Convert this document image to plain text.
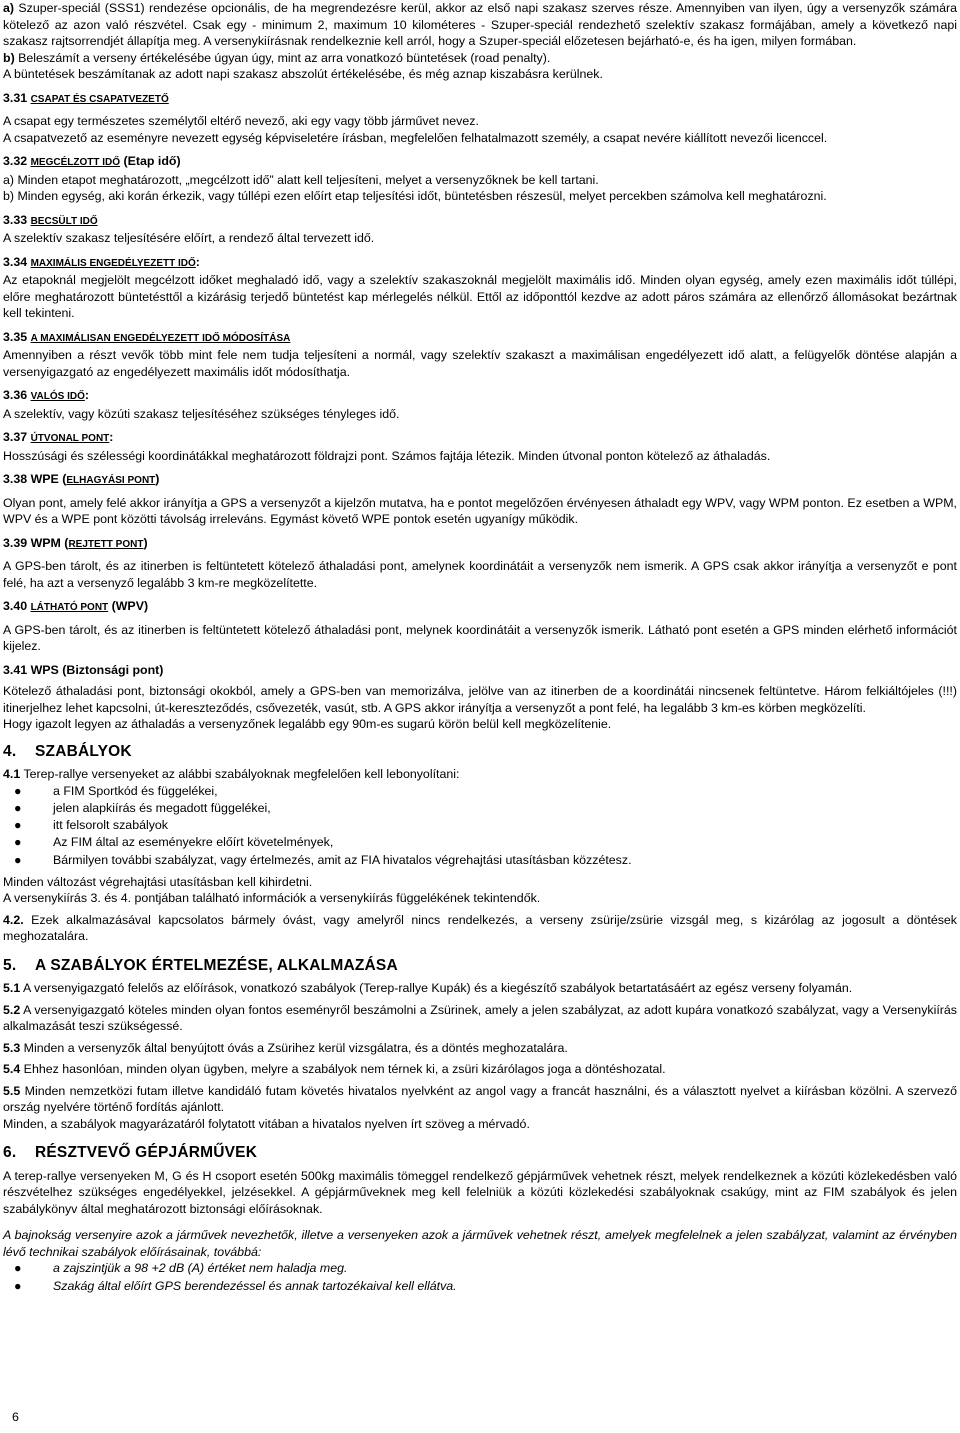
a) Szuper-speciál (SSS1) rendezése opcionális, de ha megrendezésre kerül, akkor az első napi szakasz szerves része. Amennyiben van ilyen, úgy a versenyzők számára kötelező az azon való részvétel. Csak egy - minimum 2, maximum 10 kilométeres - Szuper-speciál rendezhető szelektív szakasz formájában, amely a következő napi szakasz rajtsorrendjét állapítja meg. A versenykiírásnak rendelkeznie kell arról, hogy a Szuper-speciál előzetesen bejárható-e, és ha igen, milyen formában.

b) Beleszámít a verseny értékelésébe úgyan úgy, mint az arra vonatkozó büntetések (road penalty).

A büntetések beszámítanak az adott napi szakasz abszolút értékelésébe, és még aznap kiszabásra kerülnek.

3.31 CSAPAT ÉS CSAPATVEZETŐ

A csapat egy természetes személytől eltérő nevező, aki egy vagy több járművet nevez.

A csapatvezető az eseményre nevezett egység képviseletére írásban, megfelelően felhatalmazott személy, a csapat nevére kiállított nevezői licenccel.

3.32 MEGCÉLZOTT IDŐ (Etap idő)

a) Minden etapot meghatározott, „megcélzott idő” alatt kell teljesíteni, melyet a versenyzőknek be kell tartani.

b) Minden egység, aki korán érkezik, vagy túllépi ezen előírt etap teljesítési időt, büntetésben részesül, melyet percekben számolva kell meghatározni.

3.33 BECSÜLT IDŐ

A szelektív szakasz teljesítésére előírt, a rendező által tervezett idő.

3.34 MAXIMÁLIS ENGEDÉLYEZETT IDŐ:

Az etapoknál megjelölt megcélzott időket meghaladó idő, vagy a szelektív szakaszoknál megjelölt maximális idő. Minden olyan egység, amely ezen maximális időt túllépi, előre meghatározott büntetésttől a kizárásig terjedő büntetést kap mérlegelés nélkül. Ettől az időponttól kezdve az adott páros számára az ellenőrző állomásokat bezártnak kell tekinteni.

3.35 A MAXIMÁLISAN ENGEDÉLYEZETT IDŐ MÓDOSÍTÁSA

Amennyiben a részt vevők több mint fele nem tudja teljesíteni a normál, vagy szelektív szakaszt a maximálisan engedélyezett idő alatt, a felügyelők döntése alapján a versenyigazgató az engedélyezett maximális időt módosíthatja.

3.36 VALÓS IDŐ:

A szelektív, vagy közúti szakasz teljesítéséhez szükséges tényleges idő.

3.37 ÚTVONAL PONT:

Hosszúsági és szélességi koordinátákkal meghatározott földrajzi pont. Számos fajtája létezik. Minden útvonal ponton kötelező az áthaladás.

3.38 WPE (ELHAGYÁSI PONT)

Olyan pont, amely felé akkor irányítja a GPS a versenyzőt a kijelzőn mutatva, ha e pontot megelőzően érvényesen áthaladt egy WPV, vagy WPM ponton. Ez esetben a WPM, WPV és a WPE pont közötti távolság irreleváns. Egymást követő WPE pontok esetén ugyanígy működik.

3.39 WPM (REJTETT PONT)

A GPS-ben tárolt, és az itinerben is feltüntetett kötelező áthaladási pont, amelynek koordinátáit a versenyzők nem ismerik. A GPS csak akkor irányítja a versenyzőt e pont felé, ha azt a versenyző legalább 3 km-re megközelítette.

3.40 LÁTHATÓ PONT (WPV)

A GPS-ben tárolt, és az itinerben is feltüntetett kötelező áthaladási pont, melynek koordinátáit a versenyzők ismerik. Látható pont esetén a GPS minden elérhető információt kijelez.

3.41 WPS (Biztonsági pont)

Kötelező áthaladási pont, biztonsági okokból, amely a GPS-ben van memorizálva, jelölve van az itinerben de a koordinátái nincsenek feltüntetve. Három felkiáltójeles (!!!) itinerjelhez lehet kapcsolni, út-kereszteződés, csővezeték, vasút, stb. A GPS akkor irányítja a versenyzőt a pont felé, ha legalább 3 km-es körben megközelíti.

Hogy igazolt legyen az áthaladás a versenyzőnek legalább egy 90m-es sugarú körön belül kell megközelítenie.

4. SZABÁLYOK

4.1 Terep-rallye versenyeket az alábbi szabályoknak megfelelően kell lebonyolítani:

●	a FIM Sportkód és függelékei,
●	jelen alapkiírás és megadott függelékei,
●	itt felsorolt szabályok
●	Az FIM által az eseményekre előírt követelmények,
●	Bármilyen további szabályzat, vagy értelmezés, amit az FIA hivatalos végrehajtási utasításban közzétesz.

Minden változást végrehajtási utasításban kell kihirdetni.

A versenykiírás 3. és 4. pontjában található információk a versenykiírás függelékének tekintendők.

4.2. Ezek alkalmazásával kapcsolatos bármely óvást, vagy amelyről nincs rendelkezés, a verseny zsürije/zsürie vizsgál meg, s kizárólag az jogosult a döntések meghozatalára.

5. A SZABÁLYOK ÉRTELMEZÉSE, ALKALMAZÁSA

5.1 A versenyigazgató felelős az előírások, vonatkozó szabályok (Terep-rallye Kupák) és a kiegészítő szabályok betartatásáért az egész verseny folyamán.

5.2 A versenyigazgató köteles minden olyan fontos eseményről beszámolni a Zsürinek, amely a jelen szabályzat, az adott kupára vonatkozó szabályzat, vagy a Versenykiírás alkalmazását teszi szükségessé.

5.3 Minden a versenyzők által benyújtott óvás a Zsürihez kerül vizsgálatra, és a döntés meghozatalára.

5.4 Ehhez hasonlóan, minden olyan ügyben, melyre a szabályok nem térnek ki, a zsüri kizárólagos joga a döntéshozatal.

5.5 Minden nemzetközi futam illetve kandidáló futam követés hivatalos nyelvként az angol vagy a francát használni, és a választott nyelvet a kiírásban közölni. A szervező ország nyelvére történő fordítás ajánlott.

Minden, a szabályok magyarázatáról folytatott vitában a hivatalos nyelven írt szöveg a mérvadó.

6. RÉSZTVEVŐ GÉPJÁRMŰVEK

A terep-rallye versenyeken M, G és H csoport esetén 500kg maximális tömeggel rendelkező gépjárművek vehetnek részt, melyek rendelkeznek a közúti közlekedésben való részvételhez szükséges engedélyekkel, jelzésekkel. A gépjárműveknek meg kell felelniük a közúti közlekedési szabályoknak csakúgy, mint az FIM szabályok és jelen szabálykönyv által meghatározott biztonsági előírásoknak.

A bajnokság versenyire azok a járművek nevezhetők, illetve a versenyeken azok a járművek vehetnek részt, amelyek megfelelnek a jelen szabályzat, valamint az érvényben lévő technikai szabályok előírásainak, továbbá:

●	a zajszintjük a 98 +2 dB (A) értéket nem haladja meg.
●	Szakág által előírt GPS berendezéssel és annak tartozékaival kell ellátva.
6
